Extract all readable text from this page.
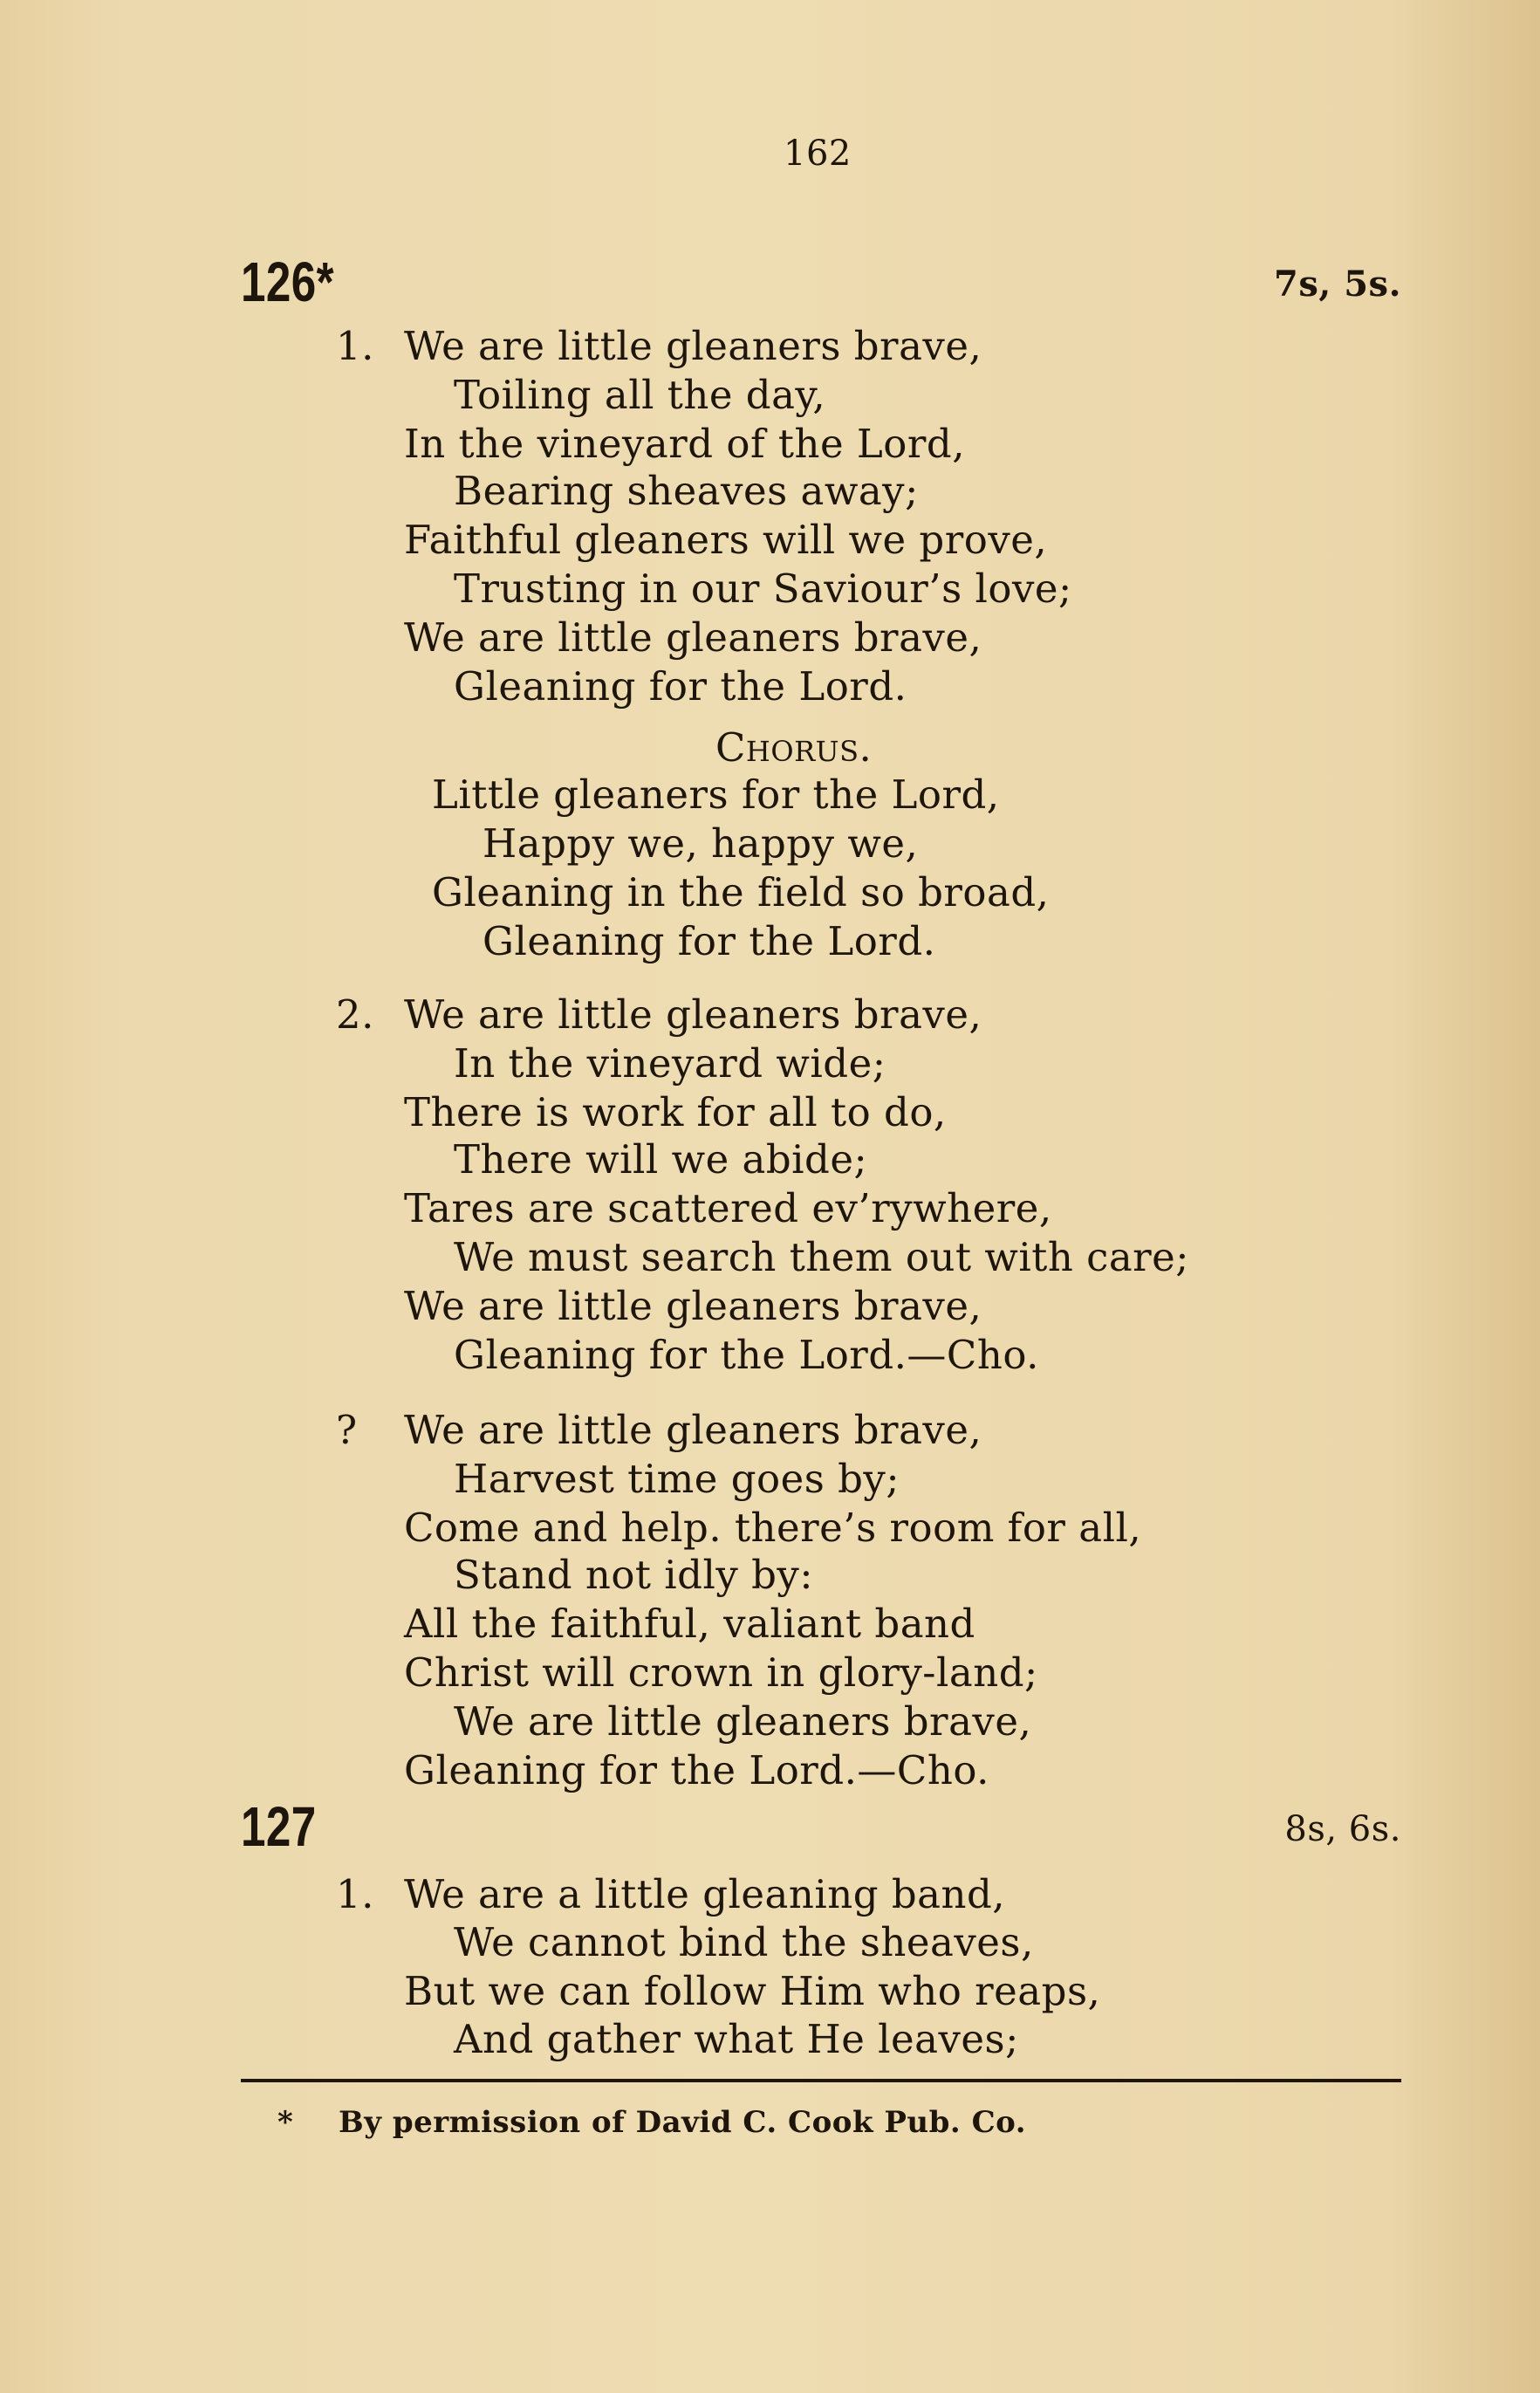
162
* By permission of David C. Cook Pub. Co.
126*	7s, 5s.
1. We are little gleaners brave,
Toiling all the day,
In the vineyard of the Lord,
Bearing sheaves away;
Faithful gleaners will we prove,
Trusting in our Saviour’s love;
We are little gleaners brave,
Gleaning for the Lord.
Chorus.
Little gleaners for the Lord,
Happy we, happy we,
Gleaning in the field so broad,
Gleaning for the Lord.
2. We are little gleaners brave,
In the vineyard wide;
There is work for all to do,
There will we abide;
Tares are scattered ev’rywhere,
We must search them out with care;
We are little gleaners brave,
Gleaning for the Lord.—Cho.
? We are little gleaners brave,
Harvest time goes by;
Come and help. there’s room for all,
Stand not idly by:
All the faithful, valiant band
Christ will crown in glory-land;
We are little gleaners brave,
Gleaning for the Lord.—Cho.
127	8s, 6s.
1. We are a little gleaning band,
We cannot bind the sheaves,
But we can follow Him who reaps,
And gather what He leaves;
